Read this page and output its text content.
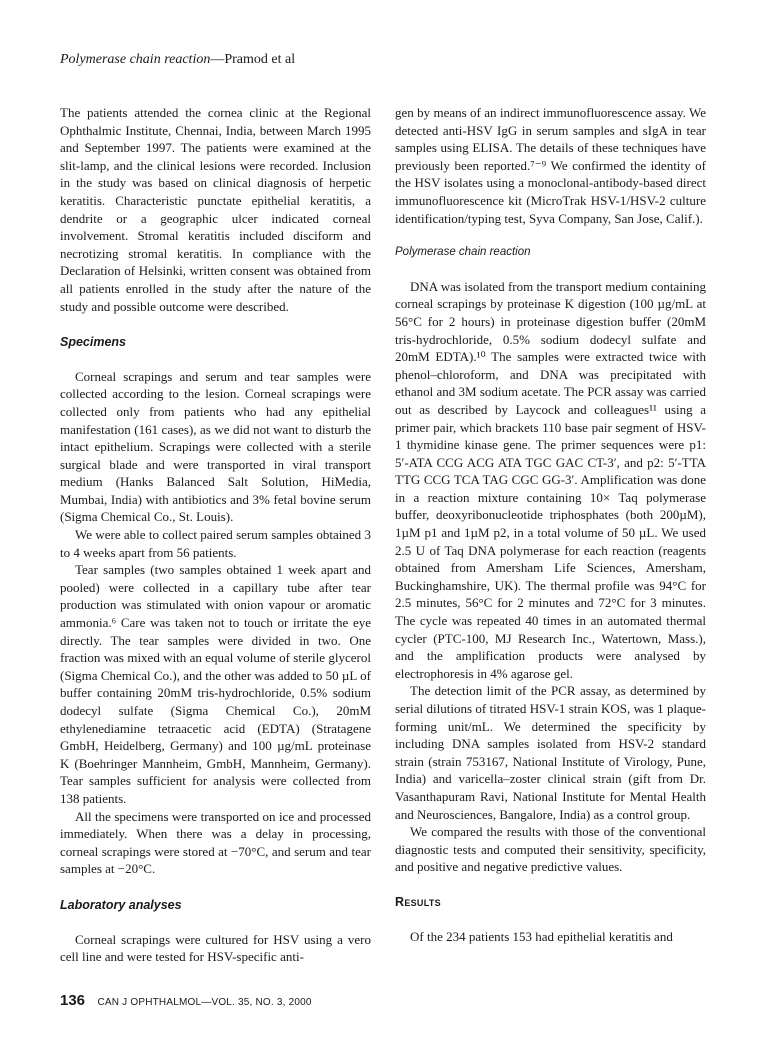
Polymerase chain reaction—Pramod et al

The patients attended the cornea clinic at the Regional Ophthalmic Institute, Chennai, India, between March 1995 and September 1997. The patients were examined at the slit-lamp, and the clinical lesions were recorded. Inclusion in the study was based on clinical diagnosis of herpetic keratitis. Characteristic punctate epithelial keratitis, a dendrite or a geographic ulcer indicated corneal involvement. Stromal keratitis included disciform and necrotizing stromal keratitis. In compliance with the Declaration of Helsinki, written consent was obtained from all patients enrolled in the study after the nature of the study and possible outcome were described.

Specimens

Corneal scrapings and serum and tear samples were collected according to the lesion. Corneal scrapings were collected only from patients who had any epithelial manifestation (161 cases), as we did not want to disturb the intact epithelium. Scrapings were collected with a sterile surgical blade and were transported in viral transport medium (Hanks Balanced Salt Solution, HiMedia, Mumbai, India) with antibiotics and 3% fetal bovine serum (Sigma Chemical Co., St. Louis).

We were able to collect paired serum samples obtained 3 to 4 weeks apart from 56 patients.

Tear samples (two samples obtained 1 week apart and pooled) were collected in a capillary tube after tear production was stimulated with onion vapour or aromatic ammonia.⁶ Care was taken not to touch or irritate the eye directly. The tear samples were divided in two. One fraction was mixed with an equal volume of sterile glycerol (Sigma Chemical Co.), and the other was added to 50 µL of buffer containing 20mM tris-hydrochloride, 0.5% sodium dodecyl sulfate (Sigma Chemical Co.), 20mM ethylenediamine tetraacetic acid (EDTA) (Stratagene GmbH, Heidelberg, Germany) and 100 µg/mL proteinase K (Boehringer Mannheim, GmbH, Mannheim, Germany). Tear samples sufficient for analysis were collected from 138 patients.

All the specimens were transported on ice and processed immediately. When there was a delay in processing, corneal scrapings were stored at −70°C, and serum and tear samples at −20°C.

Laboratory analyses

Corneal scrapings were cultured for HSV using a vero cell line and were tested for HSV-specific anti-

gen by means of an indirect immunofluorescence assay. We detected anti-HSV IgG in serum samples and sIgA in tear samples using ELISA. The details of these techniques have previously been reported.⁷⁻⁹ We confirmed the identity of the HSV isolates using a monoclonal-antibody-based direct immunofluorescence kit (MicroTrak HSV-1/HSV-2 culture identification/typing test, Syva Company, San Jose, Calif.).

Polymerase chain reaction

DNA was isolated from the transport medium containing corneal scrapings by proteinase K digestion (100 µg/mL at 56°C for 2 hours) in proteinase digestion buffer (20mM tris-hydrochloride, 0.5% sodium dodecyl sulfate and 20mM EDTA).¹⁰ The samples were extracted twice with phenol–chloroform, and DNA was precipitated with ethanol and 3M sodium acetate. The PCR assay was carried out as described by Laycock and colleagues¹¹ using a primer pair, which brackets 110 base pair segment of HSV-1 thymidine kinase gene. The primer sequences were p1: 5′-ATA CCG ACG ATA TGC GAC CT-3′, and p2: 5′-TTA TTG CCG TCA TAG CGC GG-3′. Amplification was done in a reaction mixture containing 10× Taq polymerase buffer, deoxyribonucleotide triphosphates (both 200µM), 1µM p1 and 1µM p2, in a total volume of 50 µL. We used 2.5 U of Taq DNA polymerase for each reaction (reagents obtained from Amersham Life Sciences, Amersham, Buckinghamshire, UK). The thermal profile was 94°C for 2.5 minutes, 56°C for 2 minutes and 72°C for 3 minutes. The cycle was repeated 40 times in an automated thermal cycler (PTC-100, MJ Research Inc., Watertown, Mass.), and the amplification products were analysed by electrophoresis in 4% agarose gel.

The detection limit of the PCR assay, as determined by serial dilutions of titrated HSV-1 strain KOS, was 1 plaque-forming unit/mL. We determined the specificity by including DNA samples isolated from HSV-2 standard strain (strain 753167, National Institute of Virology, Pune, India) and varicella–zoster clinical strain (gift from Dr. Vasanthapuram Ravi, National Institute for Mental Health and Neurosciences, Bangalore, India) as a control group.

We compared the results with those of the conventional diagnostic tests and computed their sensitivity, specificity, and positive and negative predictive values.

Results

Of the 234 patients 153 had epithelial keratitis and

136 CAN J OPHTHALMOL—VOL. 35, NO. 3, 2000
